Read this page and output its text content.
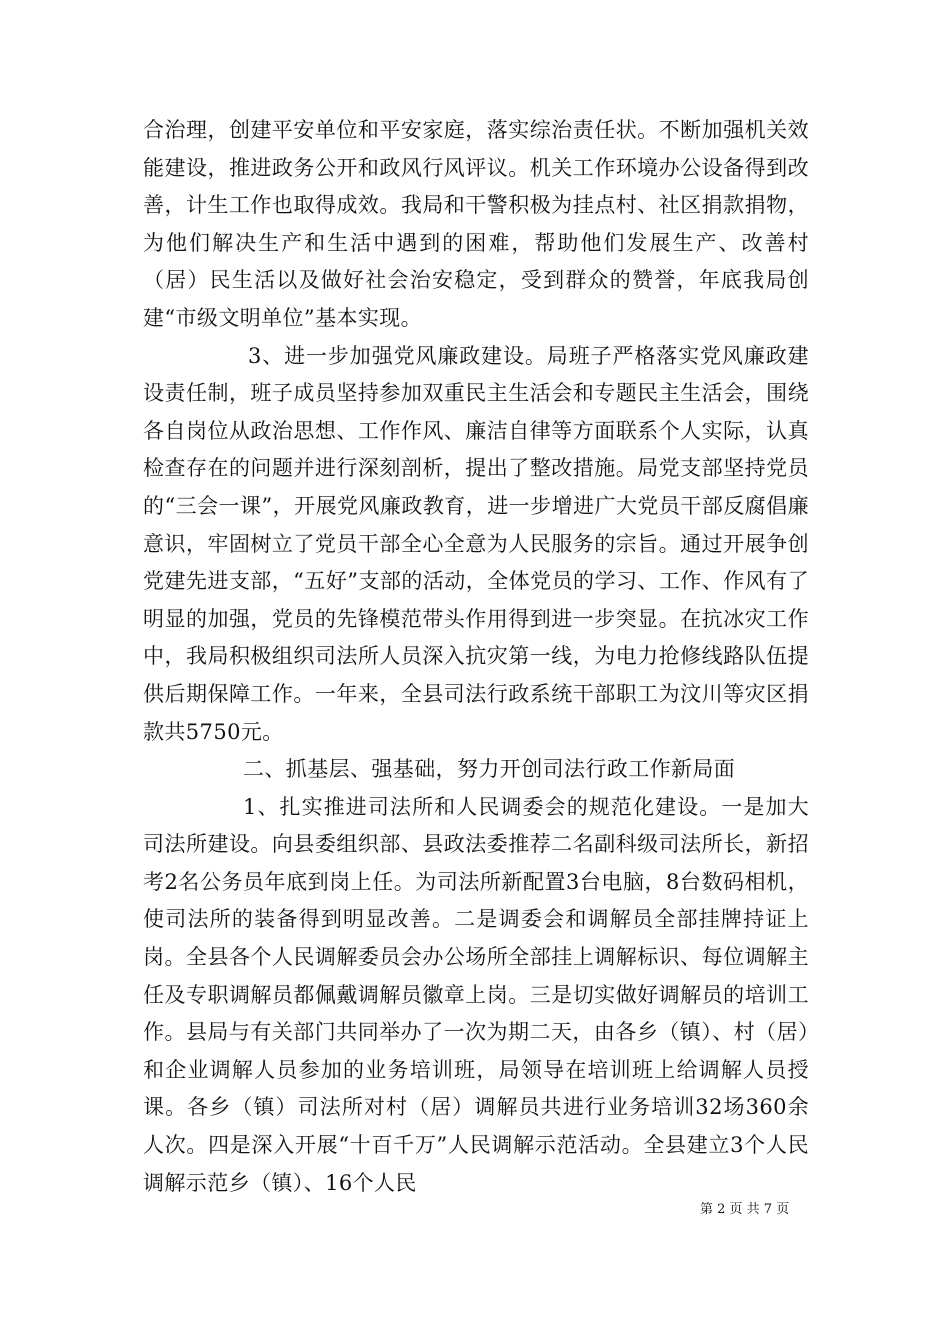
合治理，创建平安单位和平安家庭，落实综治责任状。不断加强机关效能建设，推进政务公开和政风行风评议。机关工作环境办公设备得到改善，计生工作也取得成效。我局和干警积极为挂点村、社区捐款捐物，为他们解决生产和生活中遇到的困难，帮助他们发展生产、改善村（居）民生活以及做好社会治安稳定，受到群众的赞誉，年底我局创建“市级文明单位”基本实现。

3、进一步加强党风廉政建设。局班子严格落实党风廉政建设责任制，班子成员坚持参加双重民主生活会和专题民主生活会，围绕各自岗位从政治思想、工作作风、廉洁自律等方面联系个人实际，认真检查存在的问题并进行深刻剖析，提出了整改措施。局党支部坚持党员的“三会一课”，开展党风廉政教育，进一步增进广大党员干部反腐倡廉意识，牢固树立了党员干部全心全意为人民服务的宗旨。通过开展争创党建先进支部，“五好”支部的活动，全体党员的学习、工作、作风有了明显的加强，党员的先锋模范带头作用得到进一步突显。在抗冰灾工作中，我局积极组织司法所人员深入抗灾第一线，为电力抢修线路队伍提供后期保障工作。一年来，全县司法行政系统干部职工为汶川等灾区捐款共5750元。

二、抓基层、强基础，努力开创司法行政工作新局面

1、扎实推进司法所和人民调委会的规范化建设。一是加大司法所建设。向县委组织部、县政法委推荐二名副科级司法所长，新招考2名公务员年底到岗上任。为司法所新配置3台电脑，8台数码相机，使司法所的装备得到明显改善。二是调委会和调解员全部挂牌持证上岗。全县各个人民调解委员会办公场所全部挂上调解标识、每位调解主任及专职调解员都佩戴调解员徽章上岗。三是切实做好调解员的培训工作。县局与有关部门共同举办了一次为期二天，由各乡（镇）、村（居）和企业调解人员参加的业务培训班，局领导在培训班上给调解人员授课。各乡（镇）司法所对村（居）调解员共进行业务培训32场360余人次。四是深入开展“十百千万”人民调解示范活动。全县建立3个人民调解示范乡（镇）、16个人民

第 2 页 共 7 页
